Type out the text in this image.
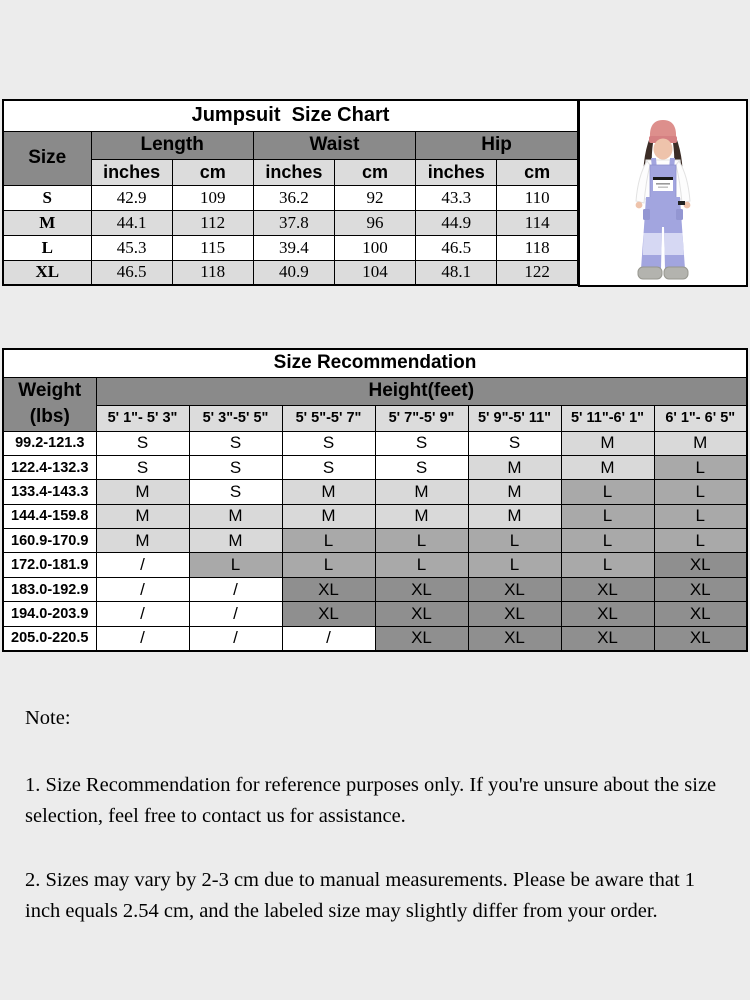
Jumpsuit  Size Chart						
Size	Length		Waist		Hip	
	inches	cm	inches	cm	inches	cm
S	42.9	109	36.2	92	43.3	110
M	44.1	112	37.8	96	44.9	114
L	45.3	115	39.4	100	46.5	118
XL	46.5	118	40.9	104	48.1	122
Size Recommendation							

Weight
(lbs)	Height(feet)						
	5' 1"- 5' 3"	5' 3"-5' 5"	5' 5"-5' 7"	5' 7"-5' 9"	5' 9"-5' 11"	5' 11"-6' 1"	6' 1"- 6' 5"
99.2-121.3	S	S	S	S	S	M	M
122.4-132.3	S	S	S	S	M	M	L
133.4-143.3	M	S	M	M	M	L	L
144.4-159.8	M	M	M	M	M	L	L
160.9-170.9	M	M	L	L	L	L	L
172.0-181.9	/	L	L	L	L	L	XL
183.0-192.9	/	/	XL	XL	XL	XL	XL
194.0-203.9	/	/	XL	XL	XL	XL	XL
205.0-220.5	/	/	/	XL	XL	XL	XL
Note:

1. Size Recommendation for reference purposes only. If you're unsure about the size selection, feel free to contact us for assistance.

2. Sizes may vary by 2-3 cm due to manual measurements. Please be aware that 1 inch equals 2.54 cm, and the labeled size may slightly differ from your order.
